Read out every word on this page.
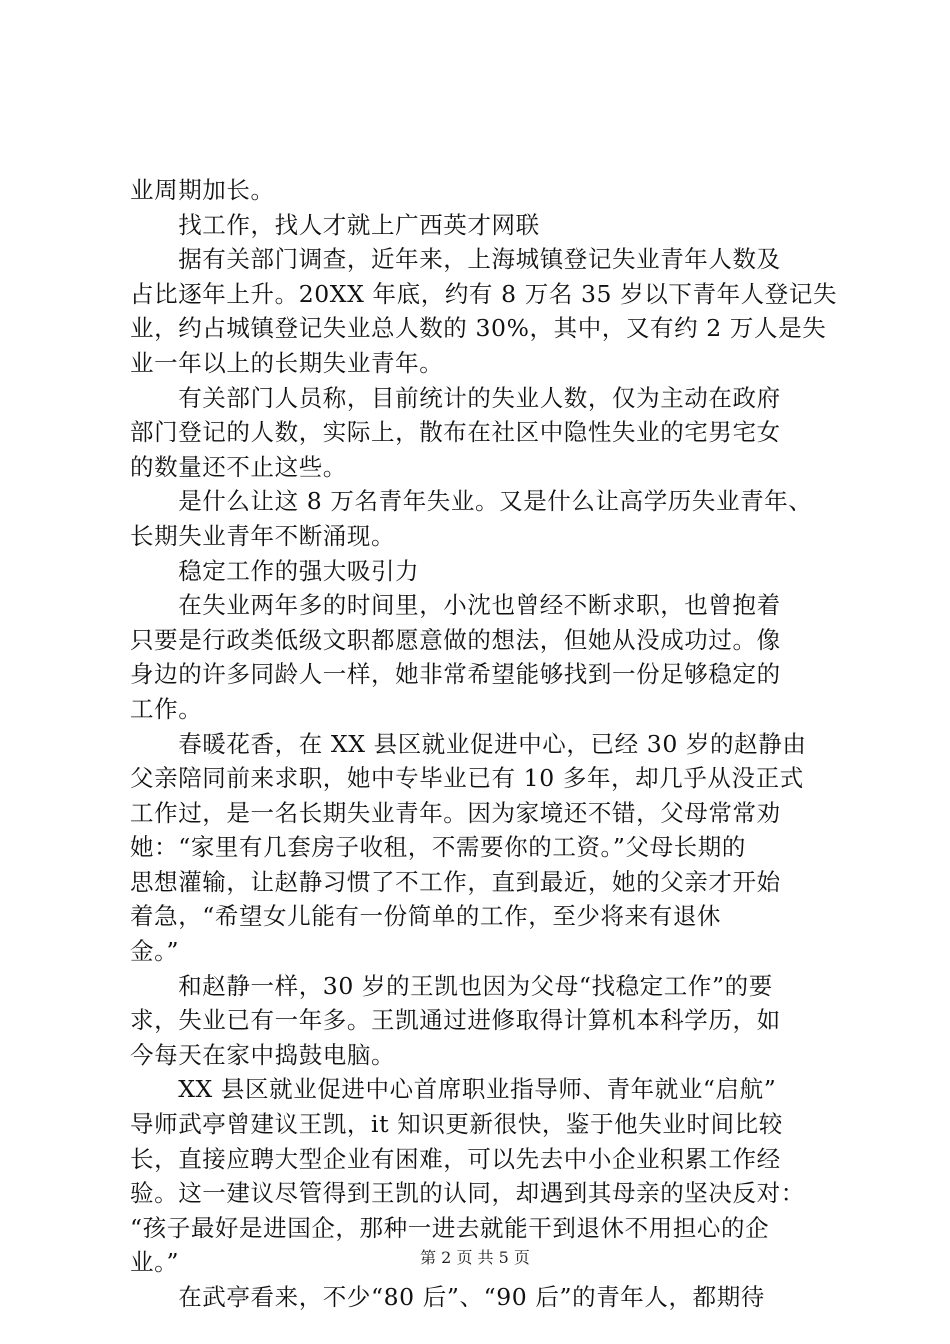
业周期加长。
　　找工作，找人才就上广西英才网联
　　据有关部门调查，近年来，上海城镇登记失业青年人数及
占比逐年上升。20XX 年底，约有 8 万名 35 岁以下青年人登记失
业，约占城镇登记失业总人数的 30%，其中，又有约 2 万人是失
业一年以上的长期失业青年。
　　有关部门人员称，目前统计的失业人数，仅为主动在政府
部门登记的人数，实际上，散布在社区中隐性失业的宅男宅女
的数量还不止这些。
　　是什么让这 8 万名青年失业。又是什么让高学历失业青年、
长期失业青年不断涌现。
　　稳定工作的强大吸引力
　　在失业两年多的时间里，小沈也曾经不断求职，也曾抱着
只要是行政类低级文职都愿意做的想法，但她从没成功过。像
身边的许多同龄人一样，她非常希望能够找到一份足够稳定的
工作。
　　春暖花香，在 XX 县区就业促进中心，已经 30 岁的赵静由
父亲陪同前来求职，她中专毕业已有 10 多年，却几乎从没正式
工作过，是一名长期失业青年。因为家境还不错，父母常常劝
她：“家里有几套房子收租，不需要你的工资。”父母长期的
思想灌输，让赵静习惯了不工作，直到最近，她的父亲才开始
着急，“希望女儿能有一份简单的工作，至少将来有退休
金。”
　　和赵静一样，30 岁的王凯也因为父母“找稳定工作”的要
求，失业已有一年多。王凯通过进修取得计算机本科学历，如
今每天在家中捣鼓电脑。
　　XX 县区就业促进中心首席职业指导师、青年就业“启航”
导师武亭曾建议王凯，it 知识更新很快，鉴于他失业时间比较
长，直接应聘大型企业有困难，可以先去中小企业积累工作经
验。这一建议尽管得到王凯的认同，却遇到其母亲的坚决反对：
“孩子最好是进国企，那种一进去就能干到退休不用担心的企
业。”
　　在武亭看来，不少“80 后”、“90 后”的青年人，都期待
第 2 页 共 5 页
